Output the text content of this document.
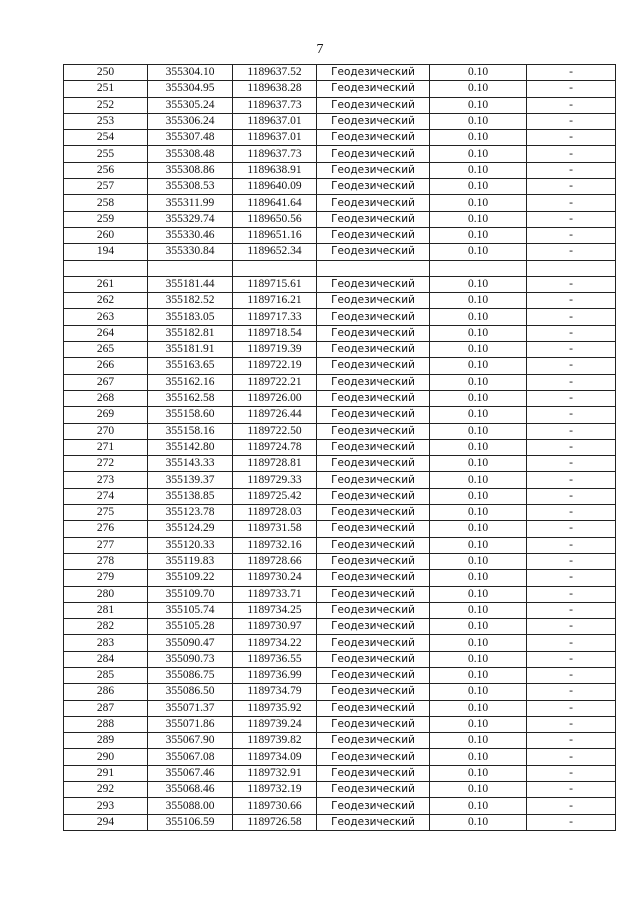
7
250	355304.10	1189637.52	Геодезический	0.10	-
251	355304.95	1189638.28	Геодезический	0.10	-
252	355305.24	1189637.73	Геодезический	0.10	-
253	355306.24	1189637.01	Геодезический	0.10	-
254	355307.48	1189637.01	Геодезический	0.10	-
255	355308.48	1189637.73	Геодезический	0.10	-
256	355308.86	1189638.91	Геодезический	0.10	-
257	355308.53	1189640.09	Геодезический	0.10	-
258	355311.99	1189641.64	Геодезический	0.10	-
259	355329.74	1189650.56	Геодезический	0.10	-
260	355330.46	1189651.16	Геодезический	0.10	-
194	355330.84	1189652.34	Геодезический	0.10	-

261	355181.44	1189715.61	Геодезический	0.10	-
262	355182.52	1189716.21	Геодезический	0.10	-
263	355183.05	1189717.33	Геодезический	0.10	-
264	355182.81	1189718.54	Геодезический	0.10	-
265	355181.91	1189719.39	Геодезический	0.10	-
266	355163.65	1189722.19	Геодезический	0.10	-
267	355162.16	1189722.21	Геодезический	0.10	-
268	355162.58	1189726.00	Геодезический	0.10	-
269	355158.60	1189726.44	Геодезический	0.10	-
270	355158.16	1189722.50	Геодезический	0.10	-
271	355142.80	1189724.78	Геодезический	0.10	-
272	355143.33	1189728.81	Геодезический	0.10	-
273	355139.37	1189729.33	Геодезический	0.10	-
274	355138.85	1189725.42	Геодезический	0.10	-
275	355123.78	1189728.03	Геодезический	0.10	-
276	355124.29	1189731.58	Геодезический	0.10	-
277	355120.33	1189732.16	Геодезический	0.10	-
278	355119.83	1189728.66	Геодезический	0.10	-
279	355109.22	1189730.24	Геодезический	0.10	-
280	355109.70	1189733.71	Геодезический	0.10	-
281	355105.74	1189734.25	Геодезический	0.10	-
282	355105.28	1189730.97	Геодезический	0.10	-
283	355090.47	1189734.22	Геодезический	0.10	-
284	355090.73	1189736.55	Геодезический	0.10	-
285	355086.75	1189736.99	Геодезический	0.10	-
286	355086.50	1189734.79	Геодезический	0.10	-
287	355071.37	1189735.92	Геодезический	0.10	-
288	355071.86	1189739.24	Геодезический	0.10	-
289	355067.90	1189739.82	Геодезический	0.10	-
290	355067.08	1189734.09	Геодезический	0.10	-
291	355067.46	1189732.91	Геодезический	0.10	-
292	355068.46	1189732.19	Геодезический	0.10	-
293	355088.00	1189730.66	Геодезический	0.10	-
294	355106.59	1189726.58	Геодезический	0.10	-
